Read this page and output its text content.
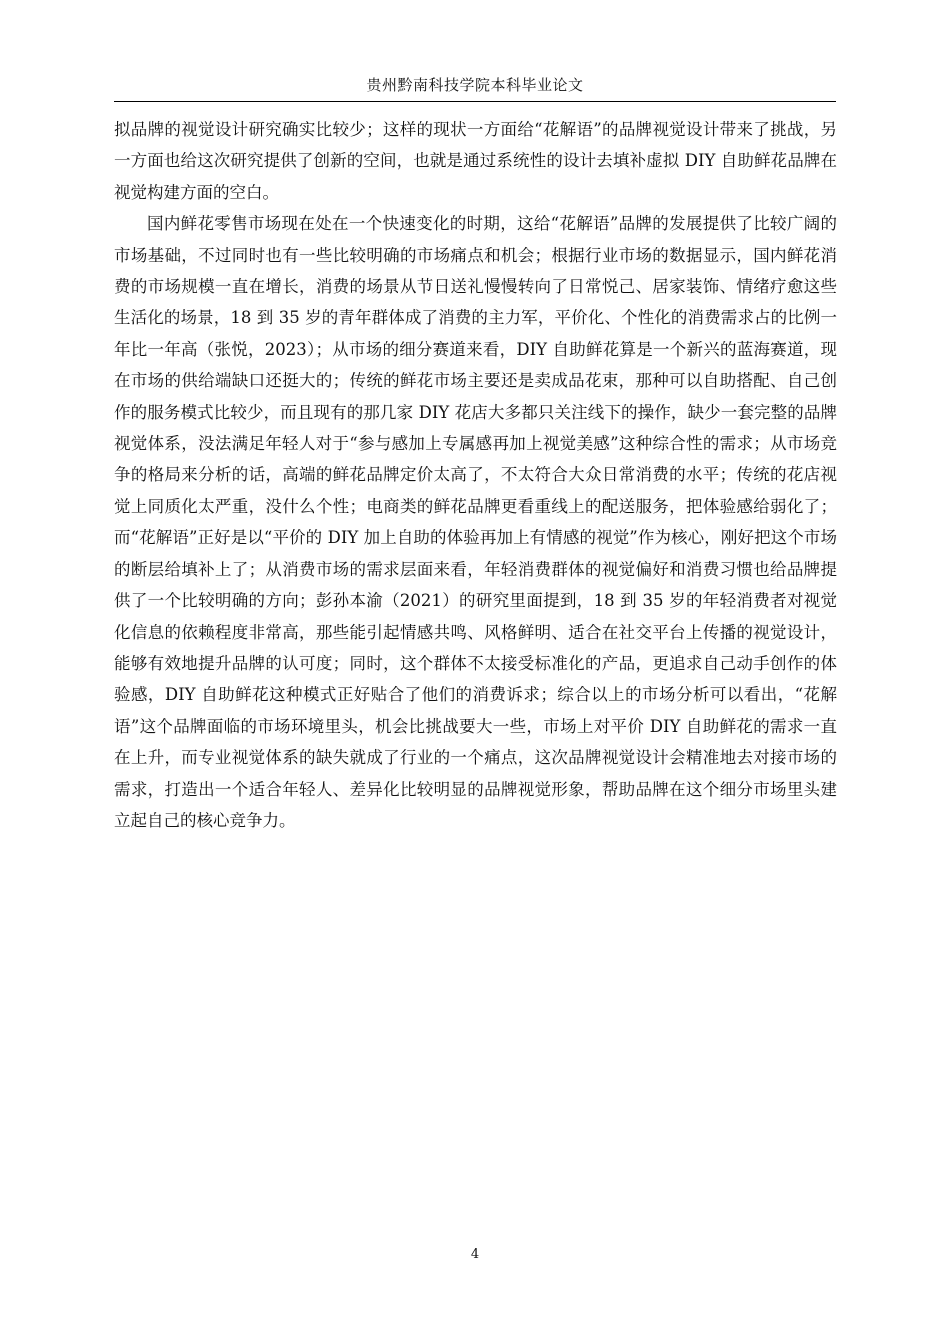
贵州黔南科技学院本科毕业论文

拟品牌的视觉设计研究确实比较少；这样的现状一方面给“花解语”的品牌视觉设计带来了挑战，另一方面也给这次研究提供了创新的空间，也就是通过系统性的设计去填补虚拟 DIY 自助鲜花品牌在视觉构建方面的空白。

国内鲜花零售市场现在处在一个快速变化的时期，这给“花解语”品牌的发展提供了比较广阔的市场基础，不过同时也有一些比较明确的市场痛点和机会；根据行业市场的数据显示，国内鲜花消费的市场规模一直在增长，消费的场景从节日送礼慢慢转向了日常悦己、居家装饰、情绪疗愈这些生活化的场景，18 到 35 岁的青年群体成了消费的主力军，平价化、个性化的消费需求占的比例一年比一年高（张悦，2023）；从市场的细分赛道来看，DIY 自助鲜花算是一个新兴的蓝海赛道，现在市场的供给端缺口还挺大的；传统的鲜花市场主要还是卖成品花束，那种可以自助搭配、自己创作的服务模式比较少，而且现有的那几家 DIY 花店大多都只关注线下的操作，缺少一套完整的品牌视觉体系，没法满足年轻人对于“参与感加上专属感再加上视觉美感”这种综合性的需求；从市场竞争的格局来分析的话，高端的鲜花品牌定价太高了，不太符合大众日常消费的水平；传统的花店视觉上同质化太严重，没什么个性；电商类的鲜花品牌更看重线上的配送服务，把体验感给弱化了；而“花解语”正好是以“平价的 DIY 加上自助的体验再加上有情感的视觉”作为核心，刚好把这个市场的断层给填补上了；从消费市场的需求层面来看，年轻消费群体的视觉偏好和消费习惯也给品牌提供了一个比较明确的方向；彭孙本渝（2021）的研究里面提到，18 到 35 岁的年轻消费者对视觉化信息的依赖程度非常高，那些能引起情感共鸣、风格鲜明、适合在社交平台上传播的视觉设计，能够有效地提升品牌的认可度；同时，这个群体不太接受标准化的产品，更追求自己动手创作的体验感，DIY 自助鲜花这种模式正好贴合了他们的消费诉求；综合以上的市场分析可以看出，“花解语”这个品牌面临的市场环境里头，机会比挑战要大一些，市场上对平价 DIY 自助鲜花的需求一直在上升，而专业视觉体系的缺失就成了行业的一个痛点，这次品牌视觉设计会精准地去对接市场的需求，打造出一个适合年轻人、差异化比较明显的品牌视觉形象，帮助品牌在这个细分市场里头建立起自己的核心竞争力。

4
